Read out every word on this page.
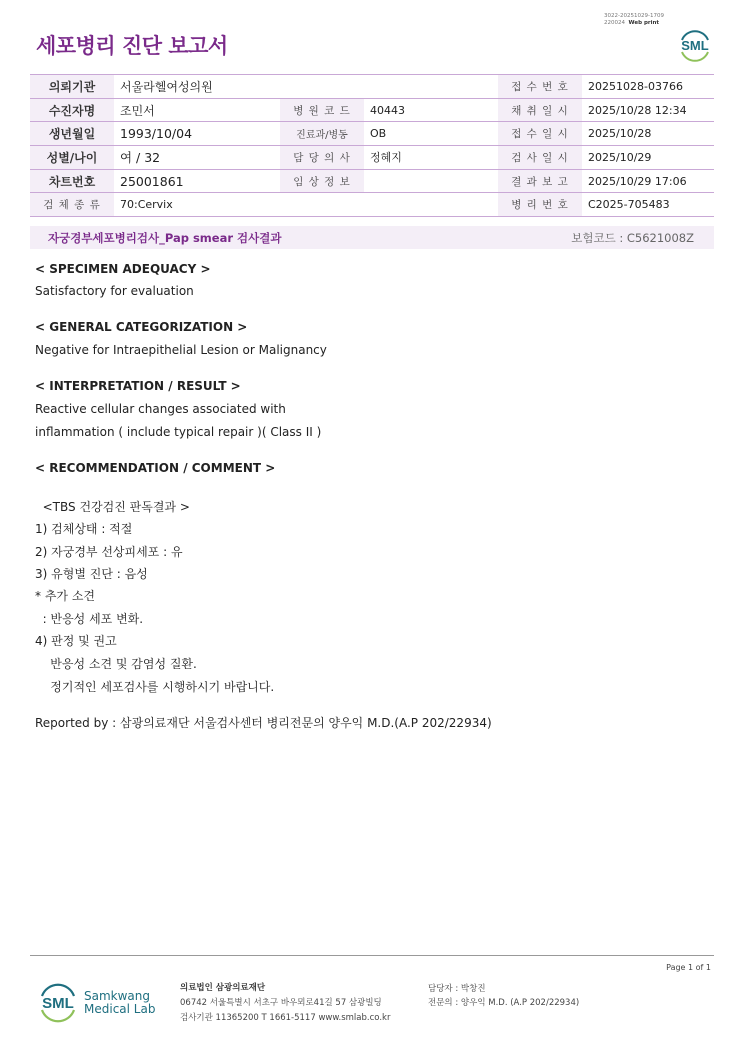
3022-20251029-1709
220024 Web print
세포병리 진단 보고서	SML
의뢰기관	서울라헬여성의원			접 수 번 호	20251028-03766
수진자명	조민서	병 원 코 드	40443	채 취 일 시	2025/10/28 12:34
생년월일	1993/10/04	진료과/병동	OB	접 수 일 시	2025/10/28
성별/나이	여 / 32	담 당 의 사	정혜지	검 사 일 시	2025/10/29
차트번호	25001861	임 상 정 보		결 과 보 고	2025/10/29 17:06
검 체 종 류	70:Cervix			병 리 번 호	C2025-705483
자궁경부세포병리검사_Pap smear 검사결과	보험코드 : C5621008Z
< SPECIMEN ADEQUACY >
Satisfactory for evaluation
< GENERAL CATEGORIZATION >
Negative for Intraepithelial Lesion or Malignancy
< INTERPRETATION / RESULT >
Reactive cellular changes associated with
inflammation ( include typical repair )( Class II )
< RECOMMENDATION / COMMENT >
<TBS 건강검진 판독결과 >
1) 검체상태 : 적절
2) 자궁경부 선상피세포 : 유
3) 유형별 진단 : 음성
* 추가 소견
: 반응성 세포 변화.
4) 판정 및 권고
반응성 소견 및 감염성 질환.
정기적인 세포검사를 시행하시기 바랍니다.
Reported by : 삼광의료재단 서울검사센터 병리전문의 양우익 M.D.(A.P 202/22934)
Page 1 of 1
SML Samkwang
Medical Lab
의료법인 삼광의료재단
06742 서울특별시 서초구 바우뫼로41길 57 삼광빌딩
검사기관 11365200 T 1661-5117 www.smlab.co.kr
담당자 : 박창진
전문의 : 양우익 M.D. (A.P 202/22934)
